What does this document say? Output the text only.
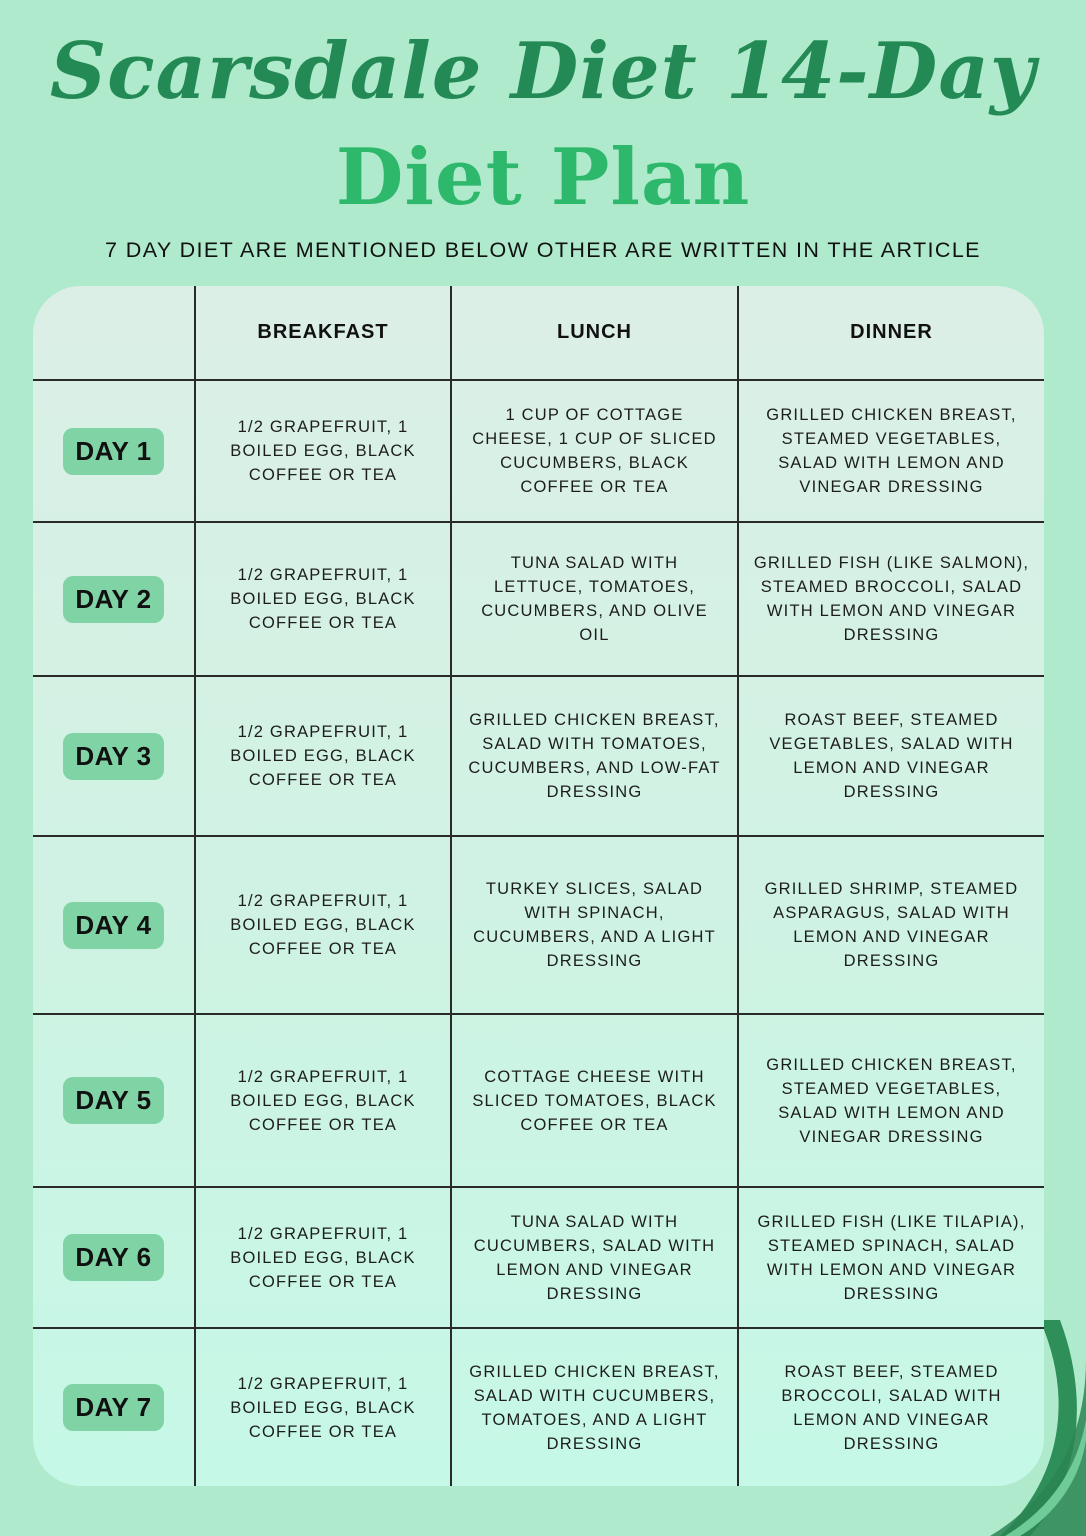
Scarsdale Diet 14-Day
Diet Plan
7 DAY DIET ARE MENTIONED BELOW OTHER ARE WRITTEN IN THE ARTICLE
	BREAKFAST	LUNCH	DINNER
DAY 1	1/2 GRAPEFRUIT, 1 BOILED EGG, BLACK COFFEE OR TEA	1 CUP OF COTTAGE CHEESE, 1 CUP OF SLICED CUCUMBERS, BLACK COFFEE OR TEA	GRILLED CHICKEN BREAST, STEAMED VEGETABLES, SALAD WITH LEMON AND VINEGAR DRESSING
DAY 2	1/2 GRAPEFRUIT, 1 BOILED EGG, BLACK COFFEE OR TEA	TUNA SALAD WITH LETTUCE, TOMATOES, CUCUMBERS, AND OLIVE OIL	GRILLED FISH (LIKE SALMON), STEAMED BROCCOLI, SALAD WITH LEMON AND VINEGAR DRESSING
DAY 3	1/2 GRAPEFRUIT, 1 BOILED EGG, BLACK COFFEE OR TEA	GRILLED CHICKEN BREAST, SALAD WITH TOMATOES, CUCUMBERS, AND LOW-FAT DRESSING	ROAST BEEF, STEAMED VEGETABLES, SALAD WITH LEMON AND VINEGAR DRESSING
DAY 4	1/2 GRAPEFRUIT, 1 BOILED EGG, BLACK COFFEE OR TEA	TURKEY SLICES, SALAD WITH SPINACH, CUCUMBERS, AND A LIGHT DRESSING	GRILLED SHRIMP, STEAMED ASPARAGUS, SALAD WITH LEMON AND VINEGAR DRESSING
DAY 5	1/2 GRAPEFRUIT, 1 BOILED EGG, BLACK COFFEE OR TEA	COTTAGE CHEESE WITH SLICED TOMATOES, BLACK COFFEE OR TEA	GRILLED CHICKEN BREAST, STEAMED VEGETABLES, SALAD WITH LEMON AND VINEGAR DRESSING
DAY 6	1/2 GRAPEFRUIT, 1 BOILED EGG, BLACK COFFEE OR TEA	TUNA SALAD WITH CUCUMBERS, SALAD WITH LEMON AND VINEGAR DRESSING	GRILLED FISH (LIKE TILAPIA), STEAMED SPINACH, SALAD WITH LEMON AND VINEGAR DRESSING
DAY 7	1/2 GRAPEFRUIT, 1 BOILED EGG, BLACK COFFEE OR TEA	GRILLED CHICKEN BREAST, SALAD WITH CUCUMBERS, TOMATOES, AND A LIGHT DRESSING	ROAST BEEF, STEAMED BROCCOLI, SALAD WITH LEMON AND VINEGAR DRESSING
